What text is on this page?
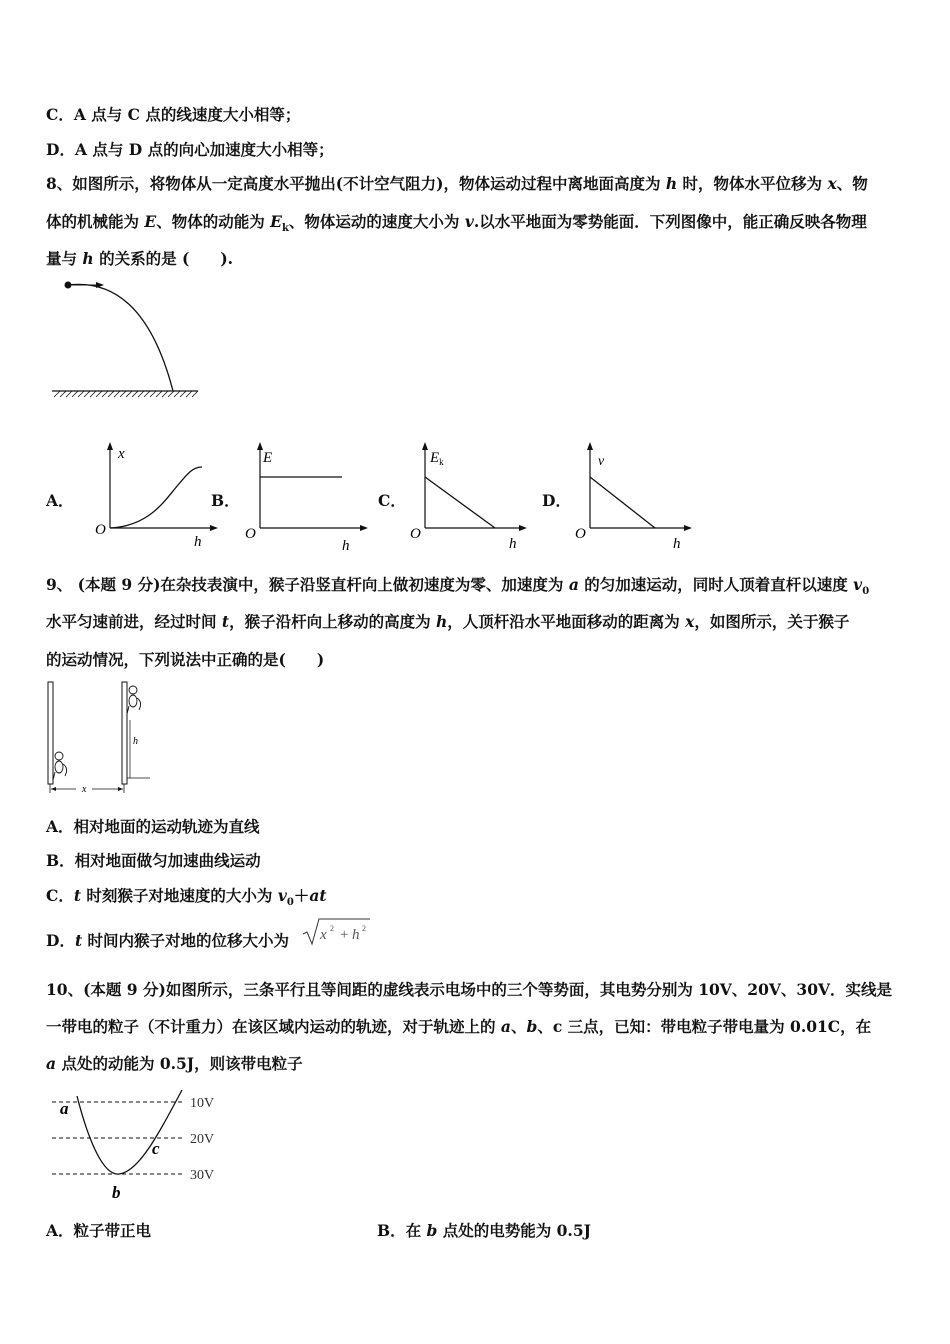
C．A 点与 C 点的线速度大小相等；
D．A 点与 D 点的向心加速度大小相等；
8、如图所示，将物体从一定高度水平抛出(不计空气阻力)，物体运动过程中离地面高度为 h 时，物体水平位移为 x、物
体的机械能为 E、物体的动能为 $E_k$、物体运动的速度大小为 v.以水平地面为零势能面．下列图像中，能正确反映各物理
量与 h 的关系的是 (　　).
A．	B．	C．	D．
x
O
h
E
O
h
$E_k$
O
h
v
O
h
9、 (本题 9 分)在杂技表演中，猴子沿竖直杆向上做初速度为零、加速度为 a 的匀加速运动，同时人顶着直杆以速度 $v_0$
水平匀速前进，经过时间 t，猴子沿杆向上移动的高度为 h，人顶杆沿水平地面移动的距离为 x，如图所示，关于猴子
的运动情况，下列说法中正确的是(　　)
h
x
A．相对地面的运动轨迹为直线
B．相对地面做匀加速曲线运动
C．t 时刻猴子对地速度的大小为 $v_0+at$
D．t 时间内猴子对地的位移大小为 x 2 + h 2
10、(本题 9 分)如图所示，三条平行且等间距的虚线表示电场中的三个等势面，其电势分别为 10V、20V、30V．实线是
一带电的粒子（不计重力）在该区域内运动的轨迹，对于轨迹上的 a、b、c 三点，已知：带电粒子带电量为 0.01C，在
a 点处的动能为 0.5J，则该带电粒子
10V
20V
30V
a
c
b
A．粒子带正电	B．在 b 点处的电势能为 0.5J
